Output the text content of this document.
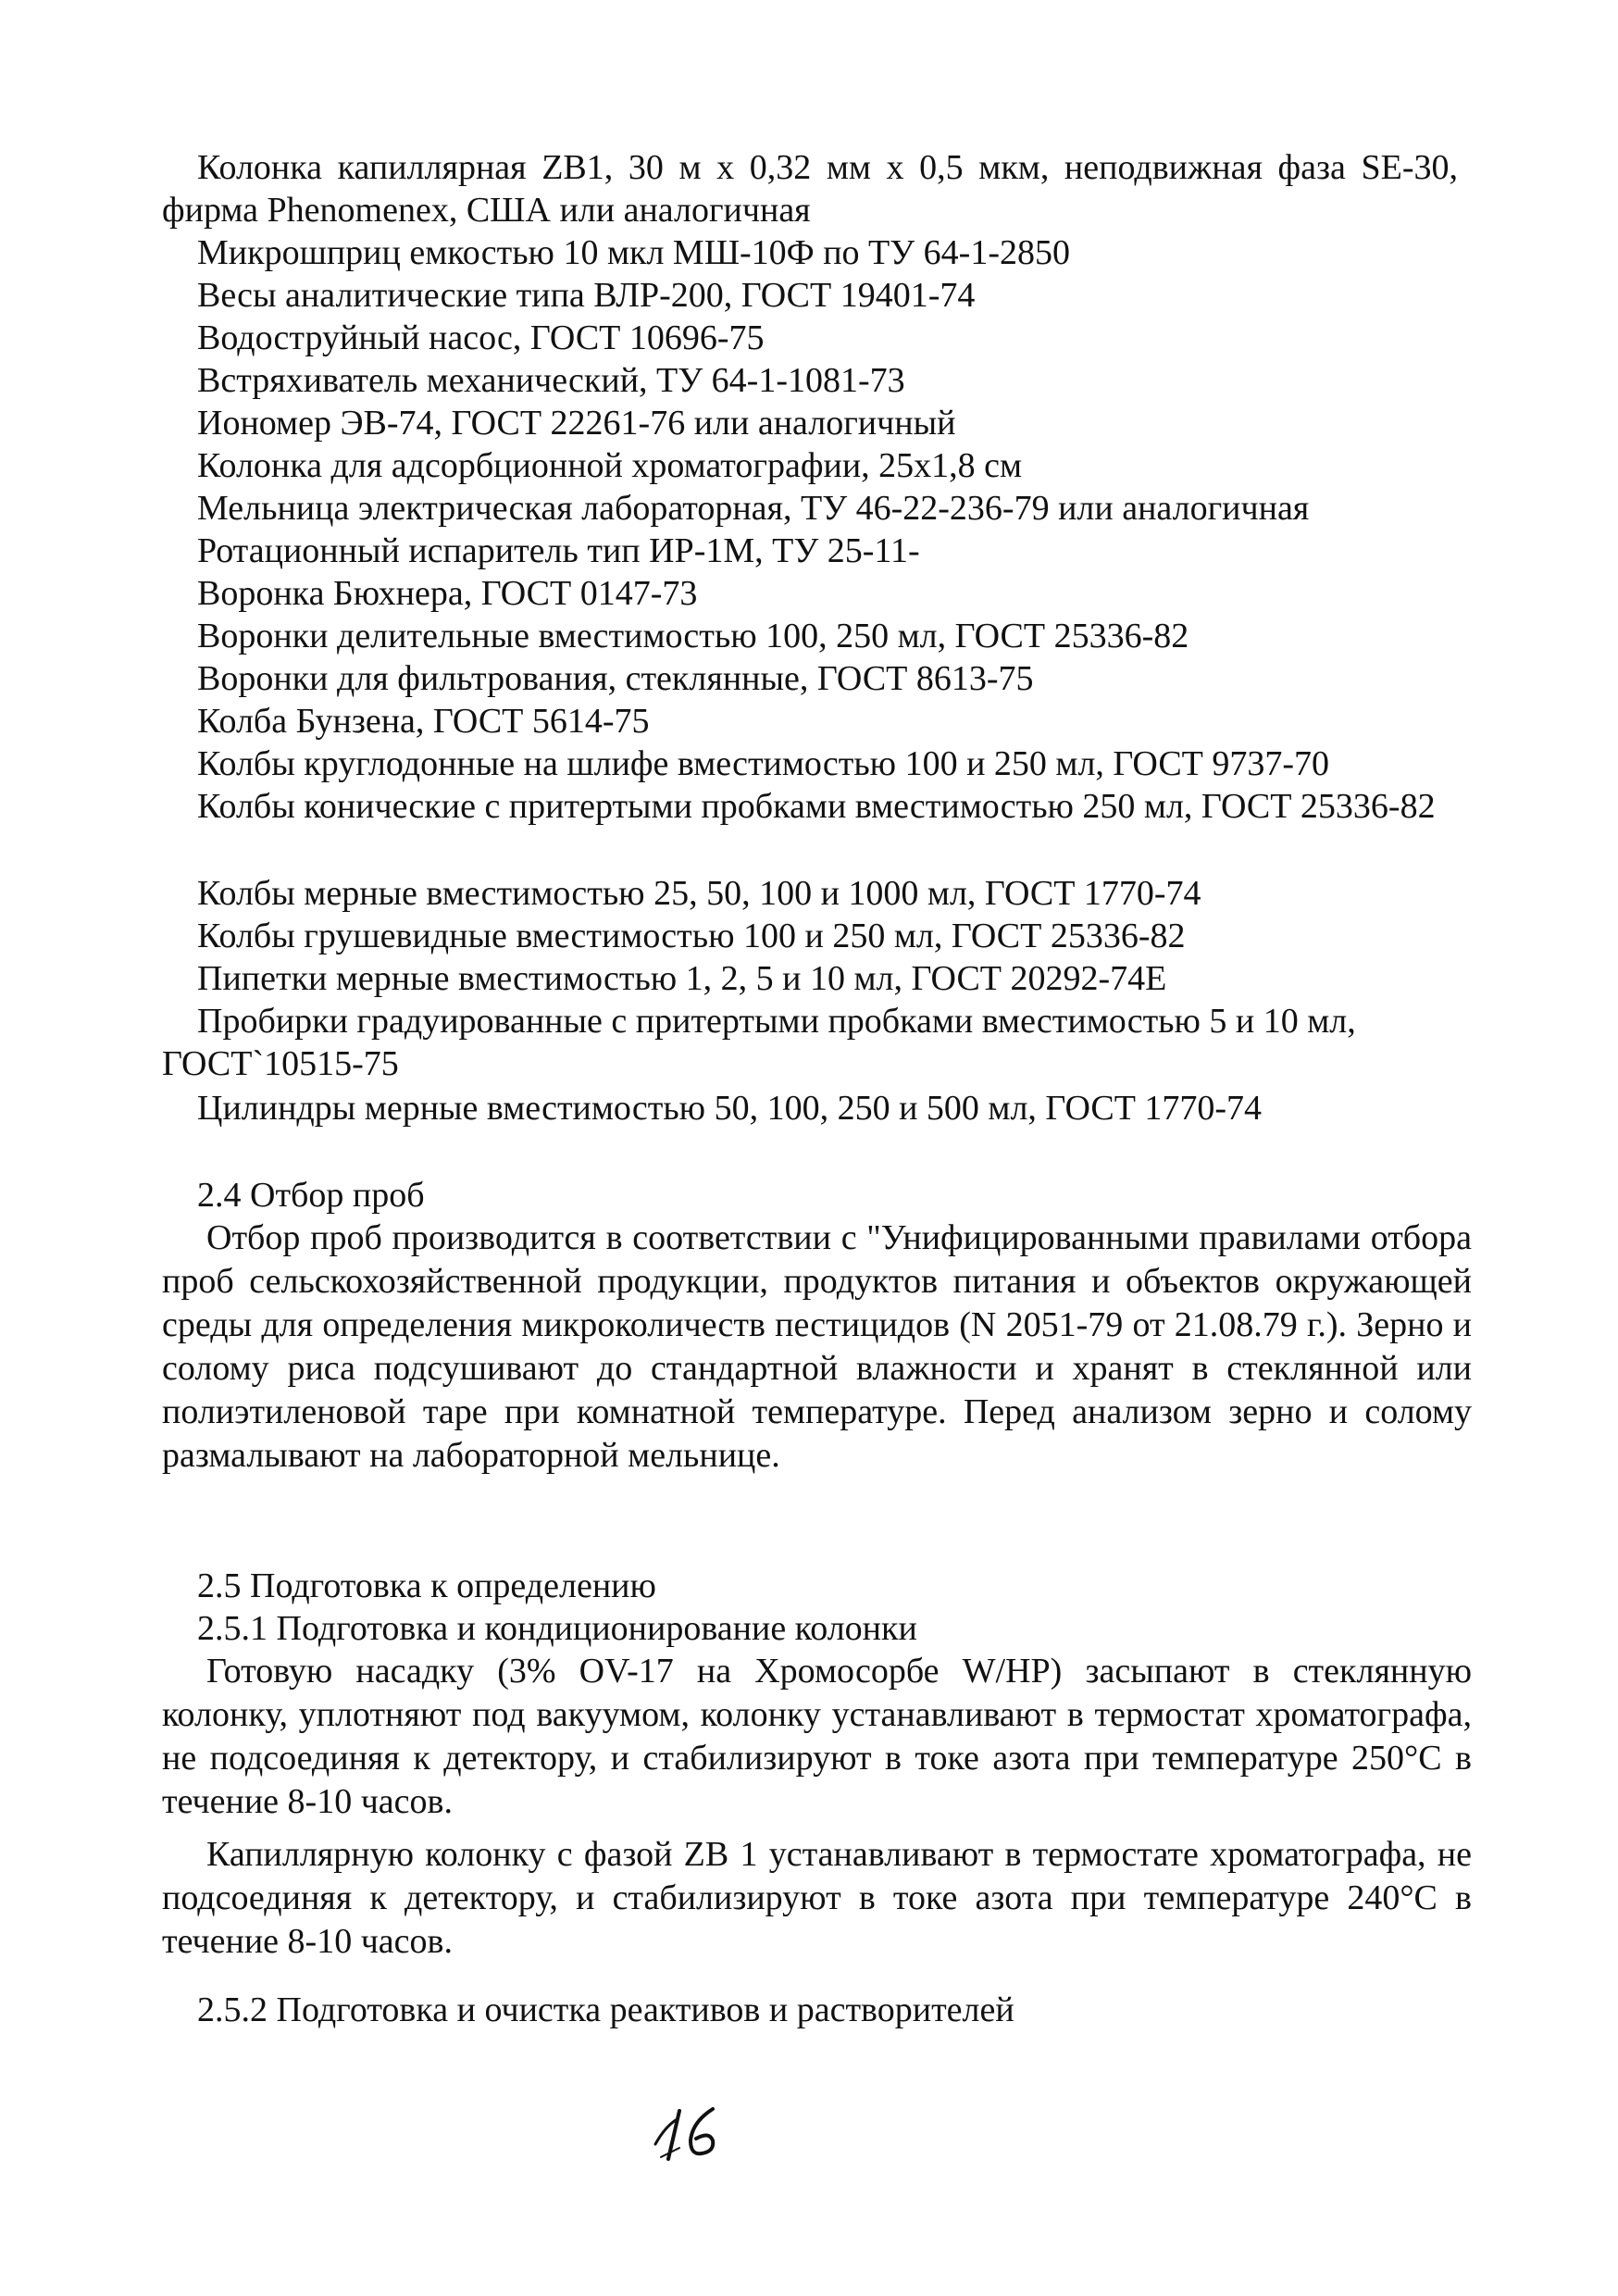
Колонка капиллярная ZB1, 30 м х 0,32 мм х 0,5 мкм, неподвижная фаза SE-30, фирма Phenomenex, США или аналогичная
Микрошприц емкостью 10 мкл МШ-10Ф по ТУ 64-1-2850
Весы аналитические типа ВЛР-200, ГОСТ 19401-74
Водоструйный насос, ГОСТ 10696-75
Встряхиватель механический, ТУ 64-1-1081-73
Иономер ЭВ-74, ГОСТ 22261-76 или аналогичный
Колонка для адсорбционной хроматографии, 25х1,8 см
Мельница электрическая лабораторная, ТУ 46-22-236-79 или аналогичная
Ротационный испаритель тип ИР-1М, ТУ 25-11-
Воронка Бюхнера, ГОСТ 0147-73
Воронки делительные вместимостью 100, 250 мл, ГОСТ 25336-82
Воронки для фильтрования, стеклянные, ГОСТ 8613-75
Колба Бунзена, ГОСТ 5614-75
Колбы круглодонные на шлифе вместимостью 100 и 250 мл, ГОСТ 9737-70
Колбы конические с притертыми пробками вместимостью 250 мл, ГОСТ 25336-82
Колбы мерные вместимостью 25, 50, 100 и 1000 мл, ГОСТ 1770-74
Колбы грушевидные вместимостью 100 и 250 мл, ГОСТ 25336-82
Пипетки мерные вместимостью 1, 2, 5 и 10 мл, ГОСТ 20292-74Е
Пробирки градуированные с притертыми пробками вместимостью 5 и 10 мл, ГОСТ`10515-75
Цилиндры мерные вместимостью 50, 100, 250 и 500 мл, ГОСТ 1770-74
2.4 Отбор проб
Отбор проб производится в соответствии с "Унифицированными правилами отбора проб сельскохозяйственной продукции, продуктов питания и объектов окружающей среды для определения микроколичеств пестицидов (N 2051-79 от 21.08.79 г.). Зерно и солому риса подсушивают до стандартной влажности и хранят в стеклянной или полиэтиленовой таре при комнатной температуре. Перед анализом зерно и солому размалывают на лабораторной мельнице.
2.5 Подготовка к определению
2.5.1 Подготовка и кондиционирование колонки
Готовую насадку (3% OV-17 на Хромосорбе W/HP) засыпают в стеклянную колонку, уплотняют под вакуумом, колонку устанавливают в термостат хроматографа, не подсоединяя к детектору, и стабилизируют в токе азота при температуре 250°С в течение 8-10 часов.
Капиллярную колонку с фазой ZB 1 устанавливают в термостате хроматографа, не подсоединяя к детектору, и стабилизируют в токе азота при температуре 240°С в течение 8-10 часов.
2.5.2 Подготовка и очистка реактивов и растворителей
